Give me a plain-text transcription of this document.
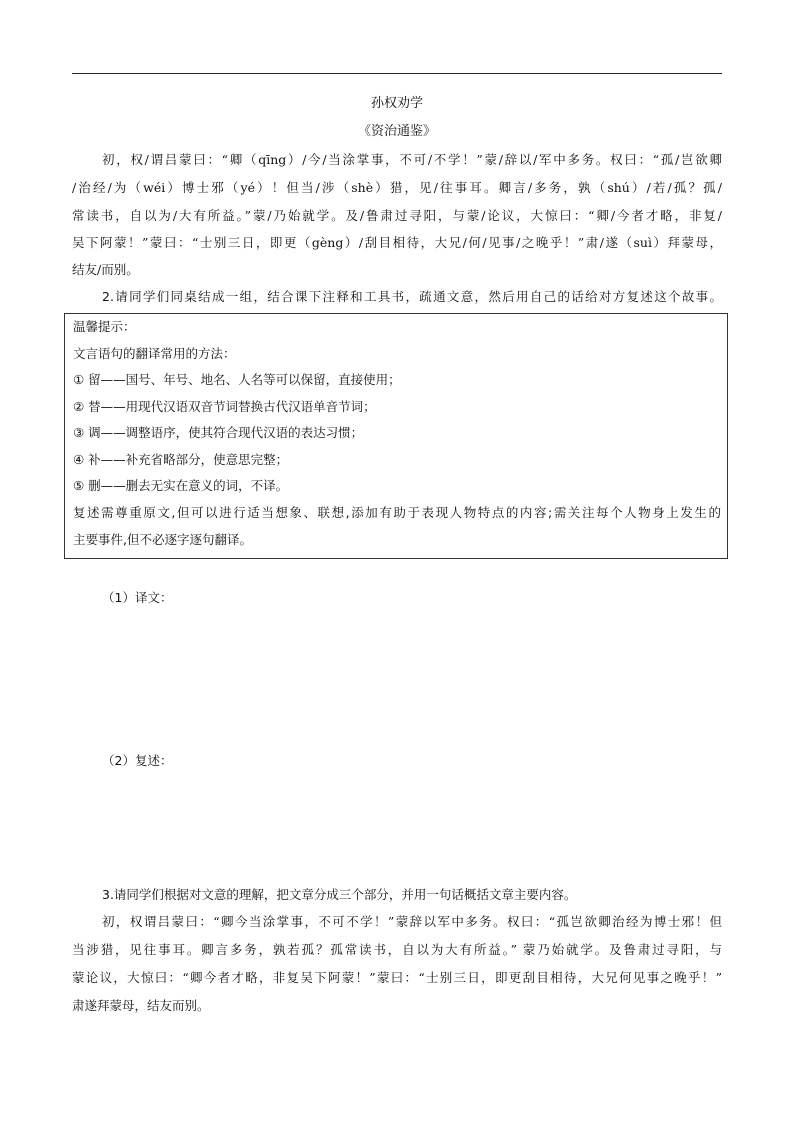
孙权劝学
《资治通鉴》
初，权/谓吕蒙曰：“卿（qīng）/今/当涂掌事，不可/不学！”蒙/辞以/军中多务。权曰：“孤/岂欲卿
/治经/为（wéi）博士邪（yé）！但当/涉（shè）猎，见/往事耳。卿言/多务，孰（shú）/若/孤？孤/
常读书，自以为/大有所益。”蒙/乃始就学。及/鲁肃过寻阳，与蒙/论议，大惊曰：“卿/今者才略，非复/
吴下阿蒙！”蒙曰：“士别三日，即更（gèng）/刮目相待，大兄/何/见事/之晚乎！”肃/遂（suì）拜蒙母，
结友/而别。
2.请同学们同桌结成一组，结合课下注释和工具书，疏通文意，然后用自己的话给对方复述这个故事。
温馨提示：
文言语句的翻译常用的方法：
① 留——国号、年号、地名、人名等可以保留，直接使用；
② 替——用现代汉语双音节词替换古代汉语单音节词；
③ 调——调整语序，使其符合现代汉语的表达习惯；
④ 补——补充省略部分，使意思完整；
⑤ 删——删去无实在意义的词，不译。
复述需尊重原文,但可以进行适当想象、联想,添加有助于表现人物特点的内容;需关注每个人物身上发生的
主要事件,但不必逐字逐句翻译。
（1）译文：
（2）复述：
3.请同学们根据对文意的理解，把文章分成三个部分，并用一句话概括文章主要内容。
初，权谓吕蒙曰：“卿今当涂掌事，不可不学！”蒙辞以军中多务。权曰：“孤岂欲卿治经为博士邪！但
当涉猎，见往事耳。卿言多务，孰若孤？孤常读书，自以为大有所益。” 蒙乃始就学。及鲁肃过寻阳，与
蒙论议，大惊曰：“卿今者才略，非复吴下阿蒙！”蒙曰：“士别三日，即更刮目相待，大兄何见事之晚乎！”
肃遂拜蒙母，结友而别。
